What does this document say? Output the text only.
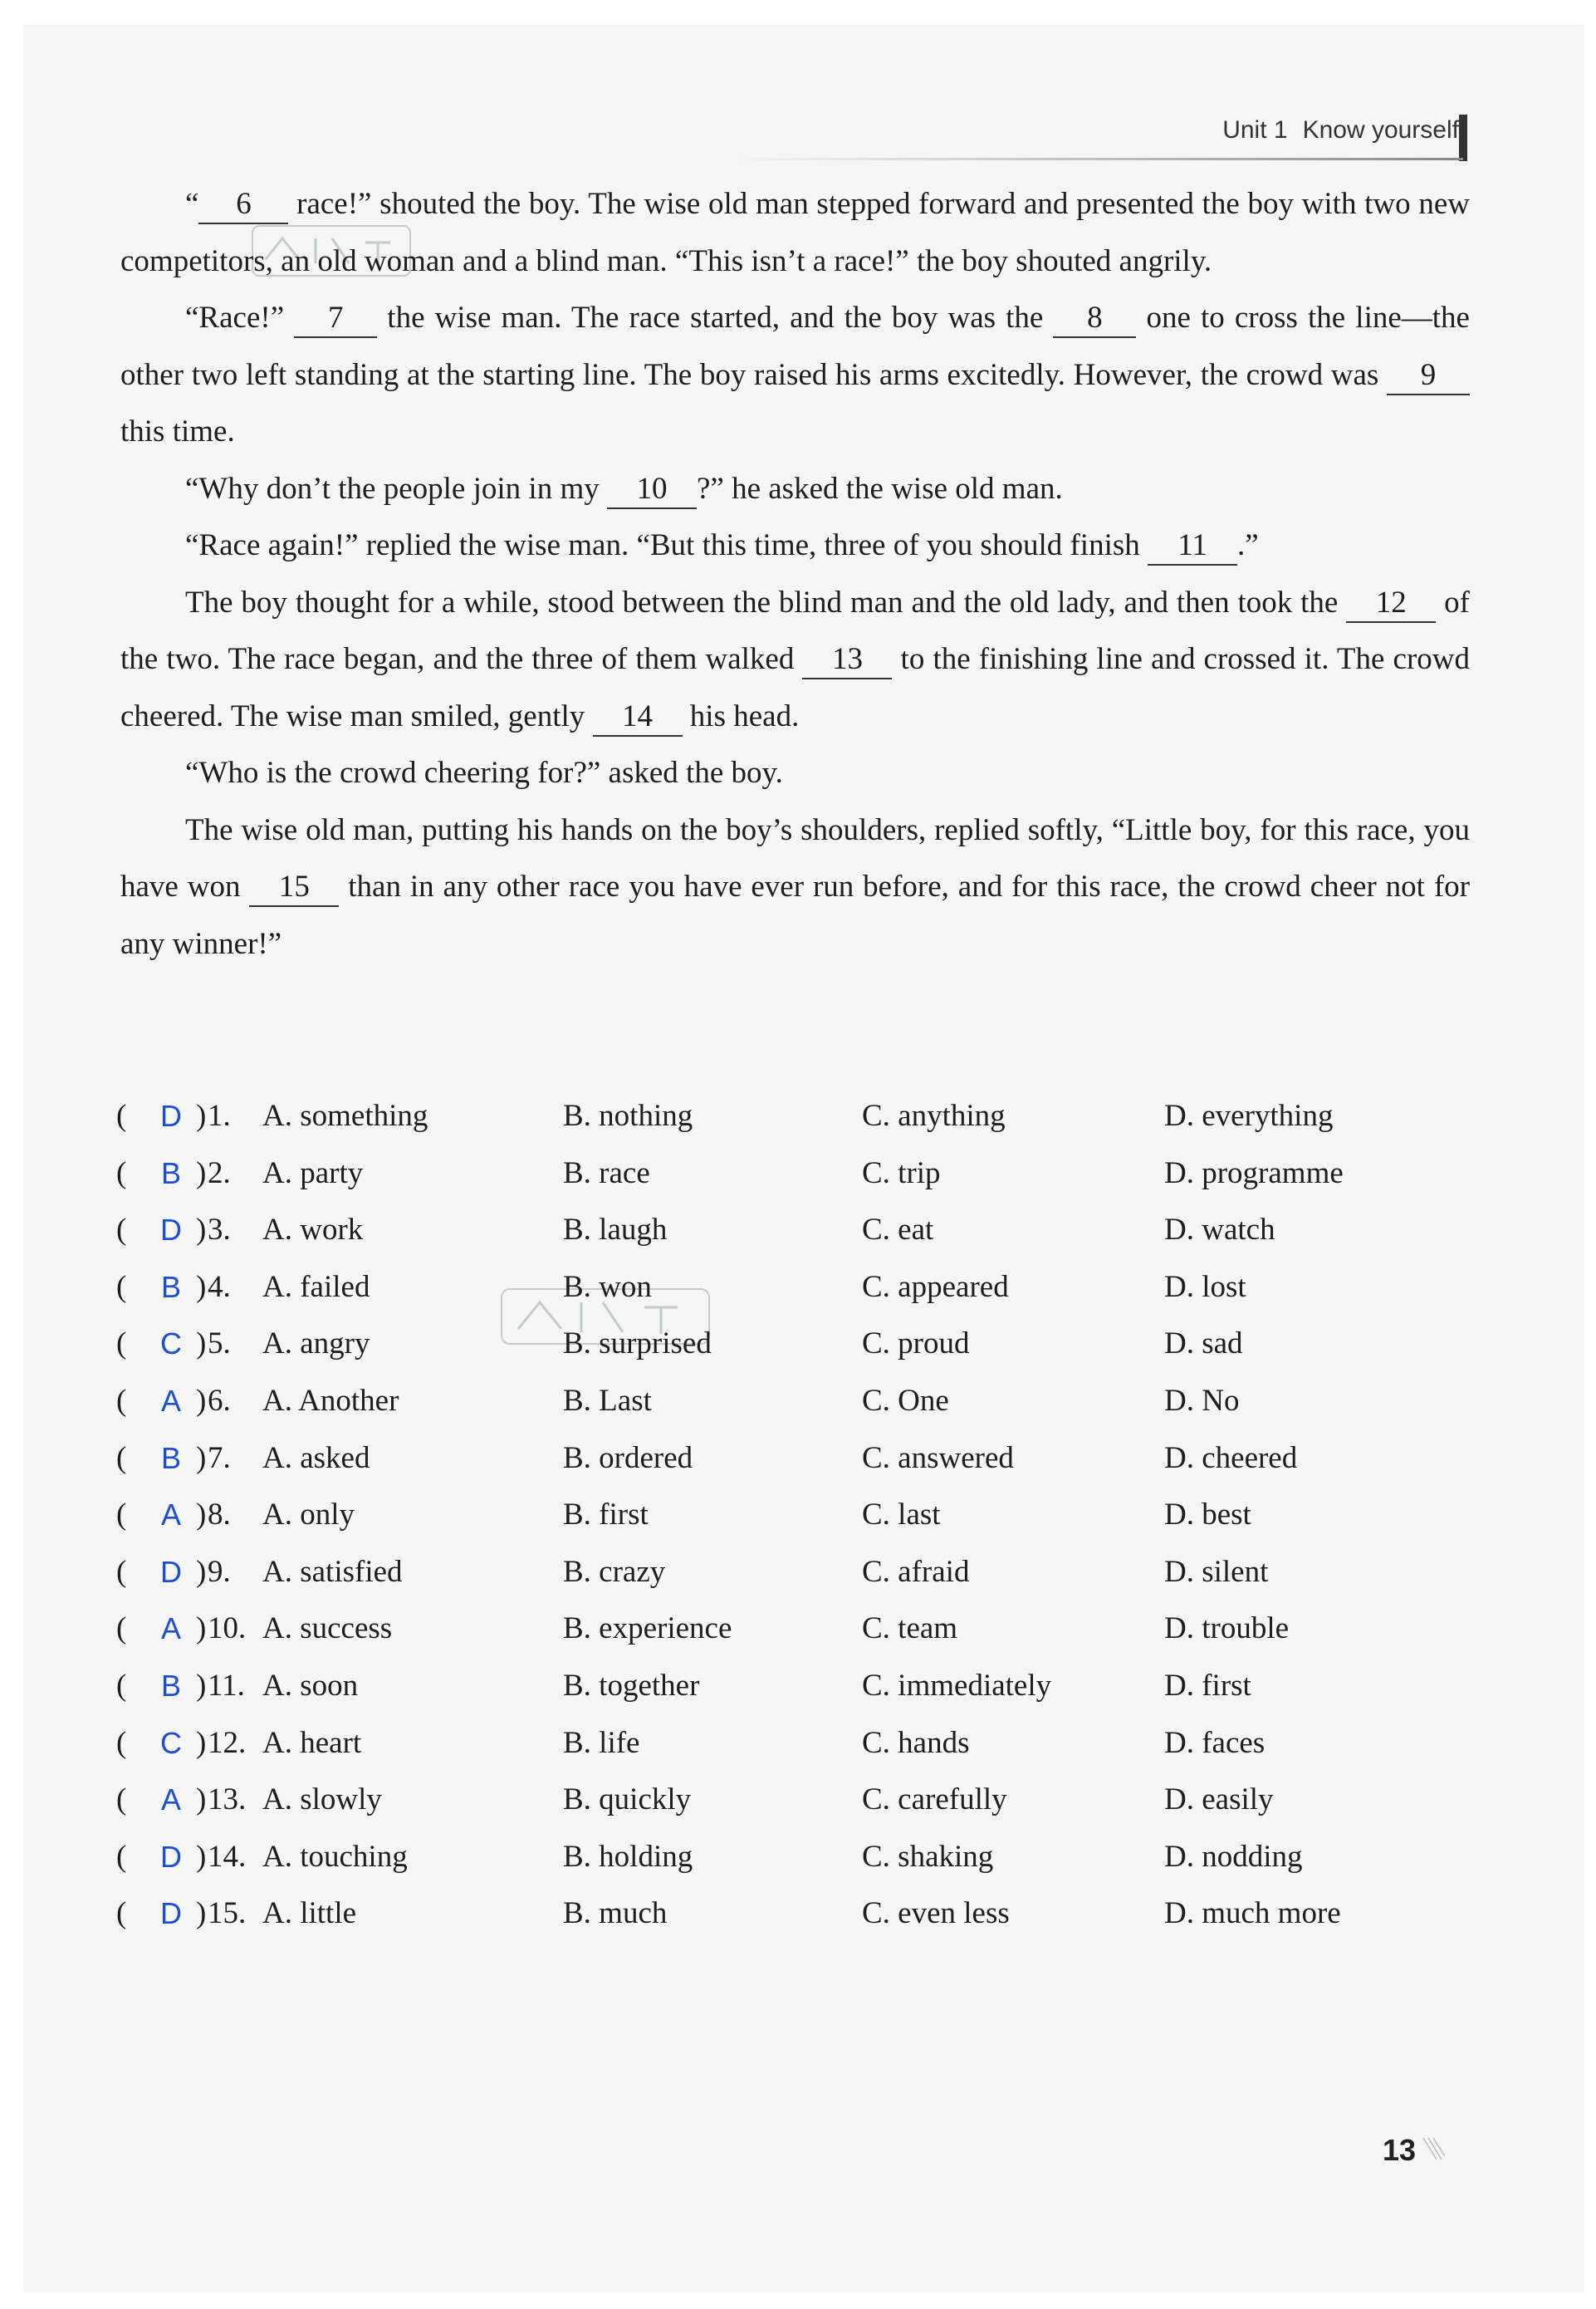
Unit 1 Know yourself

“ 6 race!” shouted the boy. The wise old man stepped forward and presented the boy with two new competitors, an old woman and a blind man. “This isn’t a race!” the boy shouted angrily.

“Race!” 7 the wise man. The race started, and the boy was the 8 one to cross the line—the other two left standing at the starting line. The boy raised his arms excitedly. However, the crowd was 9 this time.

“Why don’t the people join in my 10 ?” he asked the wise old man.

“Race again!” replied the wise man. “But this time, three of you should finish 11 .”

The boy thought for a while, stood between the blind man and the old lady, and then took the 12 of the two. The race began, and the three of them walked 13 to the finishing line and crossed it. The crowd cheered. The wise man smiled, gently 14 his head.

“Who is the crowd cheering for?” asked the boy.

The wise old man, putting his hands on the boy’s shoulders, replied softly, “Little boy, for this race, you have won 15 than in any other race you have ever run before, and for this race, the crowd cheer not for any winner!”

( D ) 1. A. something	B. nothing	C. anything	D. everything
( B ) 2. A. party	B. race	C. trip	D. programme
( D ) 3. A. work	B. laugh	C. eat	D. watch
( B ) 4. A. failed	B. won	C. appeared	D. lost
( C ) 5. A. angry	B. surprised	C. proud	D. sad
( A ) 6. A. Another	B. Last	C. One	D. No
( B ) 7. A. asked	B. ordered	C. answered	D. cheered
( A ) 8. A. only	B. first	C. last	D. best
( D ) 9. A. satisfied	B. crazy	C. afraid	D. silent
( A ) 10. A. success	B. experience	C. team	D. trouble
( B ) 11. A. soon	B. together	C. immediately	D. first
( C ) 12. A. heart	B. life	C. hands	D. faces
( A ) 13. A. slowly	B. quickly	C. carefully	D. easily
( D ) 14. A. touching	B. holding	C. shaking	D. nodding
( D ) 15. A. little	B. much	C. even less	D. much more
13
